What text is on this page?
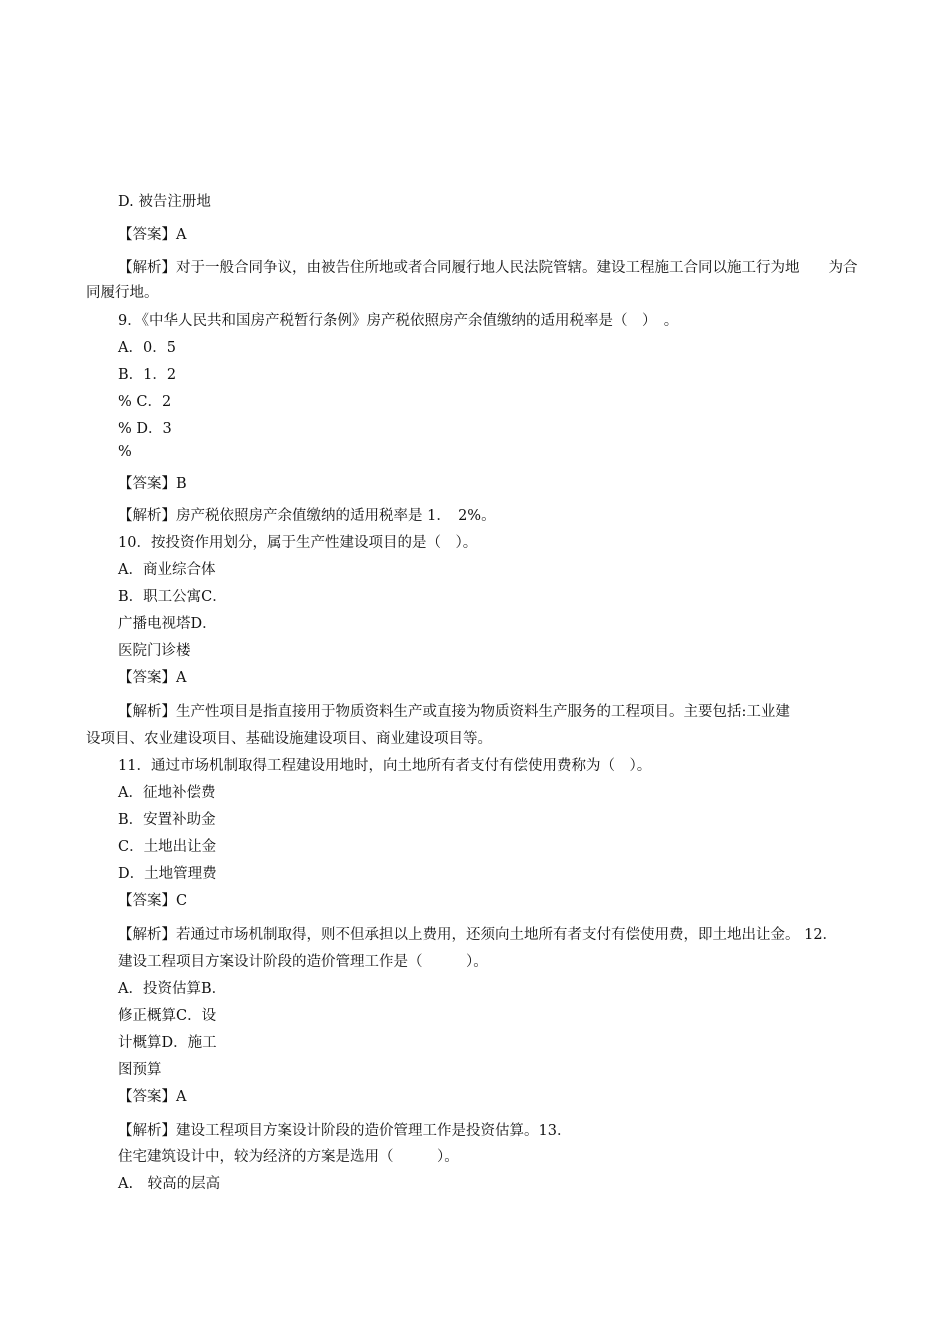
D. 被告注册地
【答案】A
【解析】对于一般合同争议，由被告住所地或者合同履行地人民法院管辖。建设工程施工合同以施工行为地　　为合
同履行地。
9．《中华人民共和国房产税暂行条例》房产税依照房产余值缴纳的适用税率是（　）　。
A．0．5
B．1．2
% C．2
% D．3
%
【答案】B
【解析】房产税依照房产余值缴纳的适用税率是 1．　2%。
10．按投资作用划分，属于生产性建设项目的是（　）。
A．商业综合体
B．职工公寓C．
广播电视塔D．
医院门诊楼
【答案】A
【解析】生产性项目是指直接用于物质资料生产或直接为物质资料生产服务的工程项目。主要包括:工业建
设项目、农业建设项目、基础设施建设项目、商业建设项目等。
11．通过市场机制取得工程建设用地时，向土地所有者支付有偿使用费称为（　）。
A．征地补偿费
B．安置补助金
C．土地出让金
D．土地管理费
【答案】C
【解析】若通过市场机制取得，则不但承担以上费用，还须向土地所有者支付有偿使用费，即土地出让金。 12．
建设工程项目方案设计阶段的造价管理工作是（　　　）。
A．投资估算B．
修正概算C．设
计概算D．施工
图预算
【答案】A
【解析】建设工程项目方案设计阶段的造价管理工作是投资估算。13．
住宅建筑设计中，较为经济的方案是选用（　　　）。
A.　较高的层高
